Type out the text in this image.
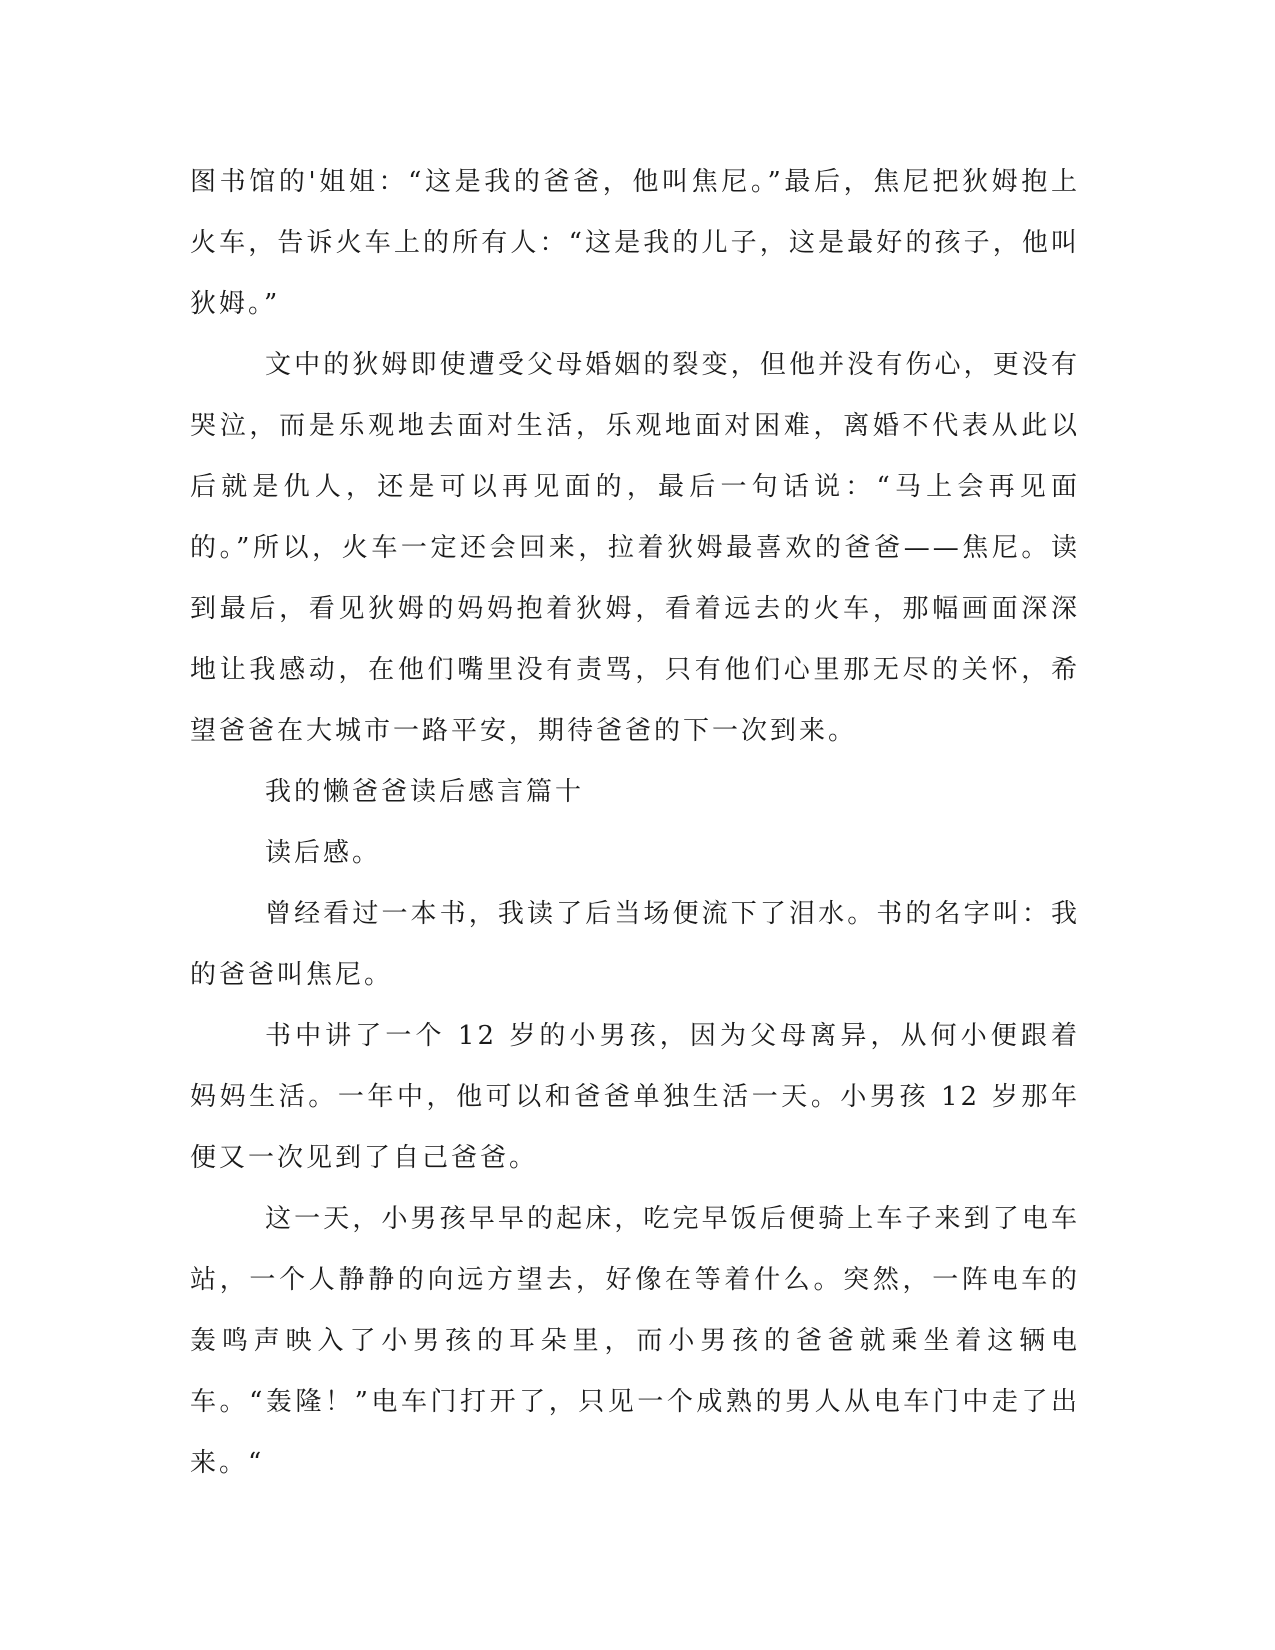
图书馆的'姐姐：“这是我的爸爸，他叫焦尼。”最后，焦尼把狄姆抱上火车，告诉火车上的所有人：“这是我的儿子，这是最好的孩子，他叫狄姆。”

文中的狄姆即使遭受父母婚姻的裂变，但他并没有伤心，更没有哭泣，而是乐观地去面对生活，乐观地面对困难，离婚不代表从此以后就是仇人，还是可以再见面的，最后一句话说：“马上会再见面的。”所以，火车一定还会回来，拉着狄姆最喜欢的爸爸——焦尼。读到最后，看见狄姆的妈妈抱着狄姆，看着远去的火车，那幅画面深深地让我感动，在他们嘴里没有责骂，只有他们心里那无尽的关怀，希望爸爸在大城市一路平安，期待爸爸的下一次到来。

我的懒爸爸读后感言篇十

读后感。

曾经看过一本书，我读了后当场便流下了泪水。书的名字叫：我的爸爸叫焦尼。

书中讲了一个 12 岁的小男孩，因为父母离异，从何小便跟着妈妈生活。一年中，他可以和爸爸单独生活一天。小男孩 12 岁那年便又一次见到了自己爸爸。

这一天，小男孩早早的起床，吃完早饭后便骑上车子来到了电车站，一个人静静的向远方望去，好像在等着什么。突然，一阵电车的轰鸣声映入了小男孩的耳朵里，而小男孩的爸爸就乘坐着这辆电车。“轰隆！”电车门打开了，只见一个成熟的男人从电车门中走了出来。“
